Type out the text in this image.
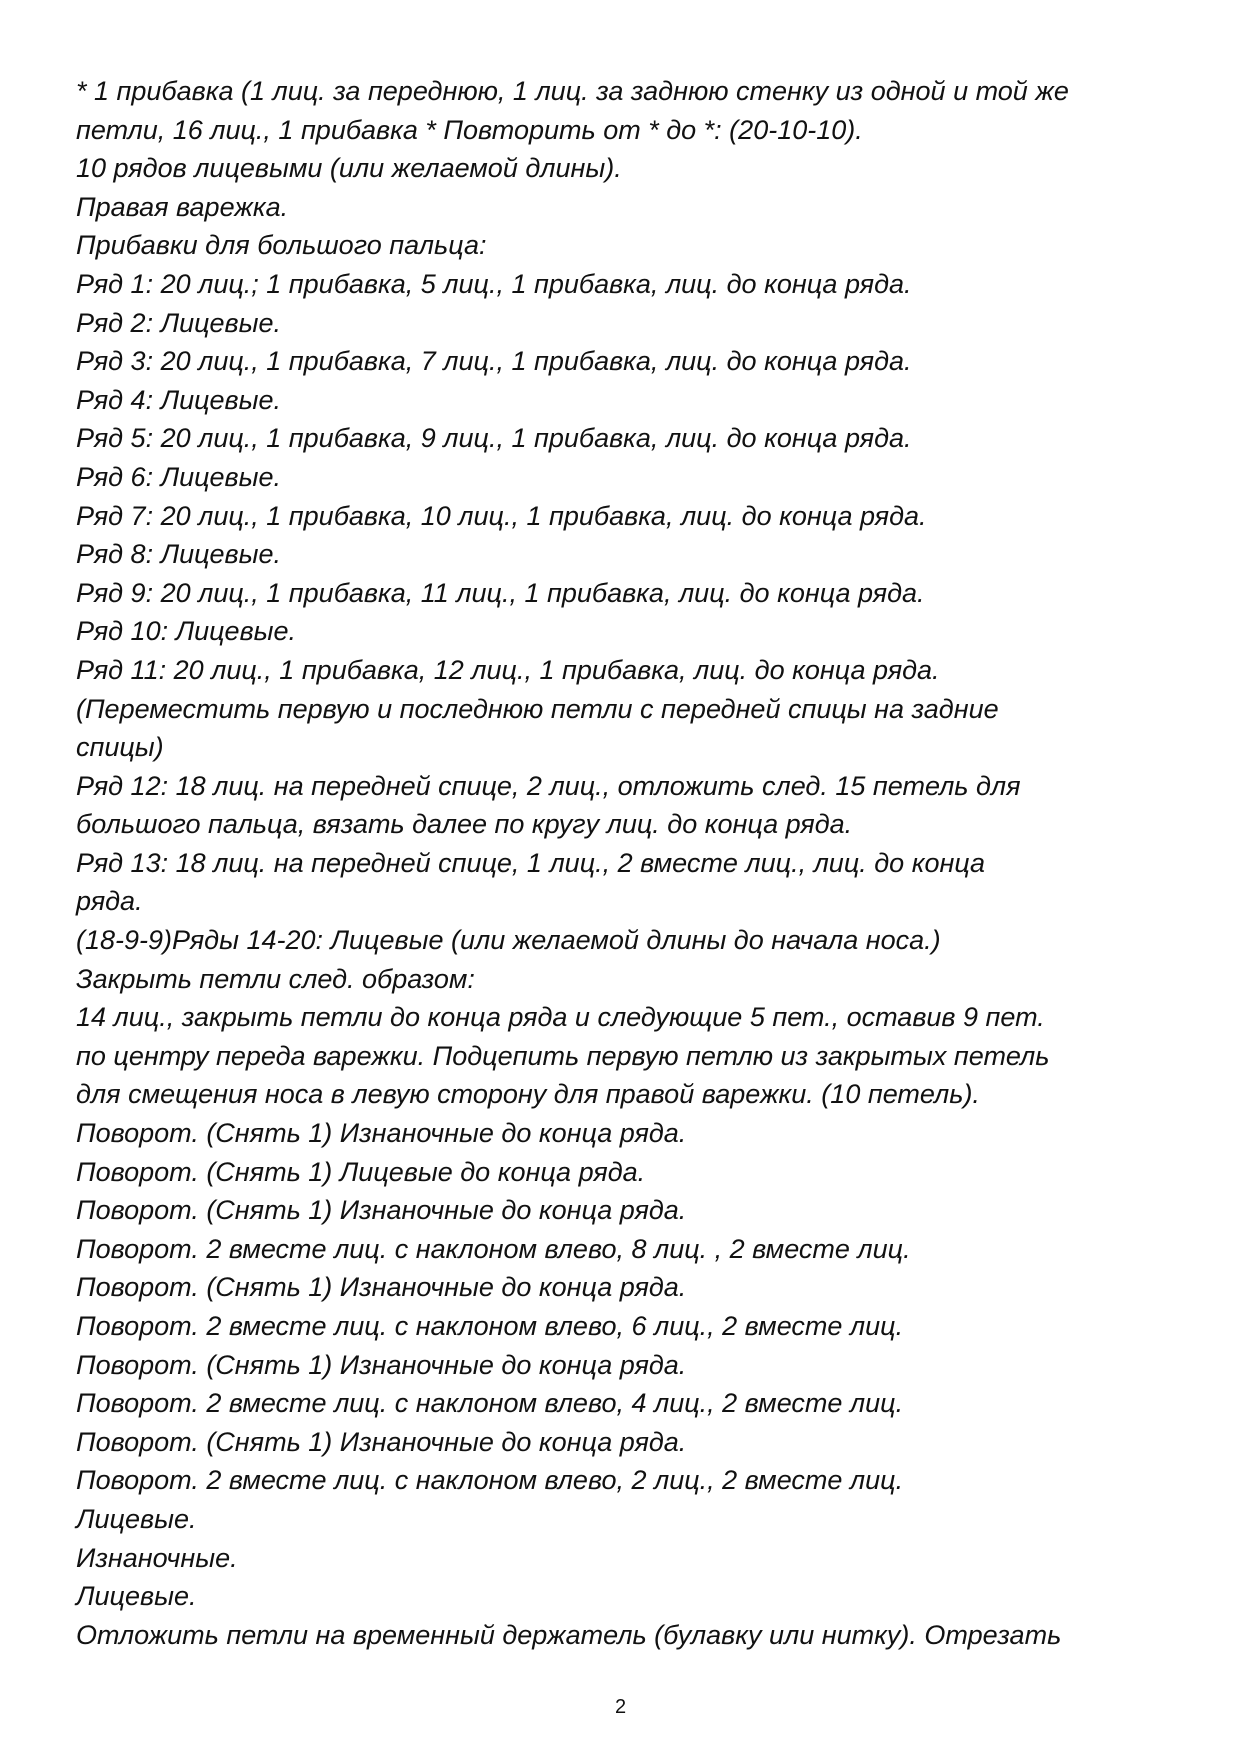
* 1 прибавка (1 лиц. за переднюю, 1 лиц. за заднюю стенку из одной и той же
петли, 16 лиц., 1 прибавка * Повторить от * до *: (20-10-10).
10 рядов лицевыми (или желаемой длины).
Правая варежка.
Прибавки для большого пальца:
Ряд 1: 20 лиц.; 1 прибавка, 5 лиц., 1 прибавка, лиц. до конца ряда.
Ряд 2: Лицевые.
Ряд 3: 20 лиц., 1 прибавка, 7 лиц., 1 прибавка, лиц. до конца ряда.
Ряд 4: Лицевые.
Ряд 5: 20 лиц., 1 прибавка, 9 лиц., 1 прибавка, лиц. до конца ряда.
Ряд 6: Лицевые.
Ряд 7: 20 лиц., 1 прибавка, 10 лиц., 1 прибавка, лиц. до конца ряда.
Ряд 8: Лицевые.
Ряд 9: 20 лиц., 1 прибавка, 11 лиц., 1 прибавка, лиц. до конца ряда.
Ряд 10: Лицевые.
Ряд 11: 20 лиц., 1 прибавка, 12 лиц., 1 прибавка, лиц. до конца ряда.
(Переместить первую и последнюю петли с передней спицы на задние
спицы)
Ряд 12: 18 лиц. на передней спице, 2 лиц., отложить след. 15 петель для
большого пальца, вязать далее по кругу лиц. до конца ряда.
Ряд 13: 18 лиц. на передней спице, 1 лиц., 2 вместе лиц., лиц. до конца
ряда.
(18-9-9)Ряды 14-20: Лицевые (или желаемой длины до начала носа.)
Закрыть петли след. образом:
14 лиц., закрыть петли до конца ряда и следующие 5 пет., оставив 9 пет.
по центру переда варежки. Подцепить первую петлю из закрытых петель
для смещения носа в левую сторону для правой варежки. (10 петель).
Поворот. (Снять 1) Изнаночные до конца ряда.
Поворот. (Снять 1) Лицевые до конца ряда.
Поворот. (Снять 1) Изнаночные до конца ряда.
Поворот. 2 вместе лиц. с наклоном влево, 8 лиц. , 2 вместе лиц.
Поворот. (Снять 1) Изнаночные до конца ряда.
Поворот. 2 вместе лиц. с наклоном влево, 6 лиц., 2 вместе лиц.
Поворот. (Снять 1) Изнаночные до конца ряда.
Поворот. 2 вместе лиц. с наклоном влево, 4 лиц., 2 вместе лиц.
Поворот. (Снять 1) Изнаночные до конца ряда.
Поворот. 2 вместе лиц. с наклоном влево, 2 лиц., 2 вместе лиц.
Лицевые.
Изнаночные.
Лицевые.
Отложить петли на временный держатель (булавку или нитку). Отрезать
2
